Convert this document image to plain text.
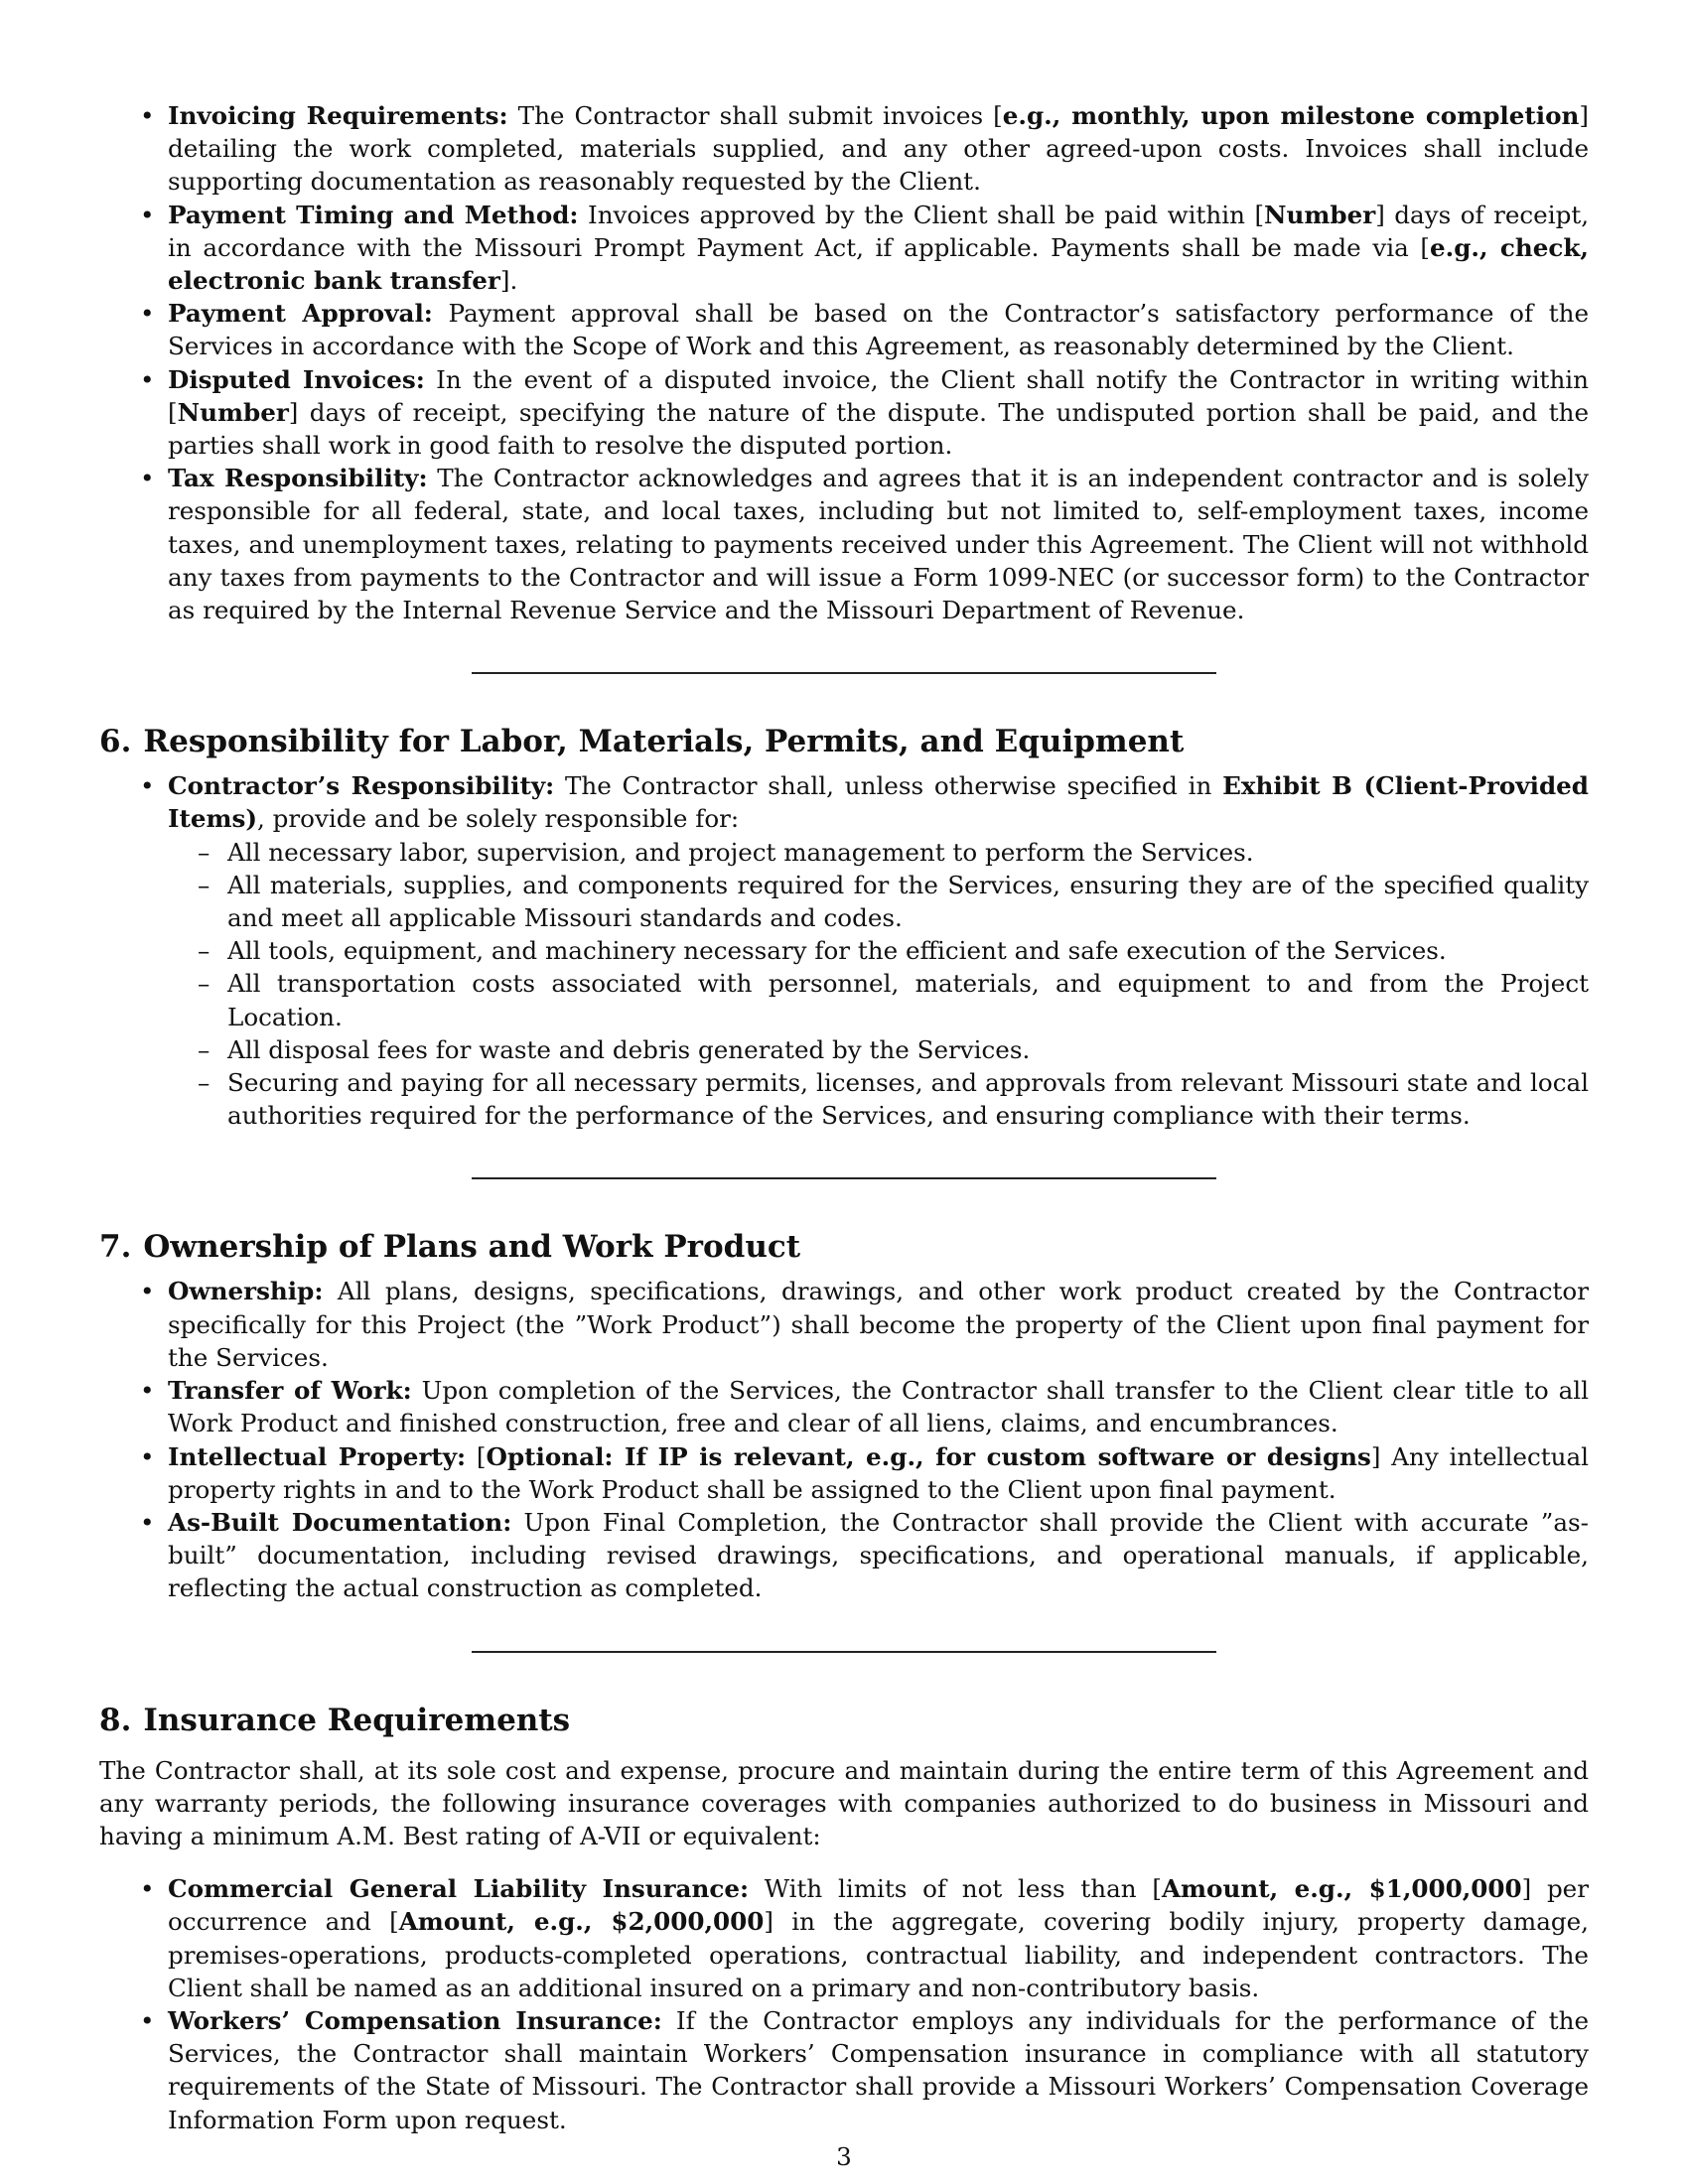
• Invoicing Requirements: The Contractor shall submit invoices [e.g., monthly, upon milestone completion] detailing the work completed, materials supplied, and any other agreed-upon costs. Invoices shall include supporting documentation as reasonably requested by the Client.
• Payment Timing and Method: Invoices approved by the Client shall be paid within [Number] days of receipt, in accordance with the Missouri Prompt Payment Act, if applicable. Payments shall be made via [e.g., check, electronic bank transfer].
• Payment Approval: Payment approval shall be based on the Contractor’s satisfactory performance of the Services in accordance with the Scope of Work and this Agreement, as reasonably determined by the Client.
• Disputed Invoices: In the event of a disputed invoice, the Client shall notify the Contractor in writing within [Number] days of receipt, specifying the nature of the dispute. The undisputed portion shall be paid, and the parties shall work in good faith to resolve the disputed portion.
• Tax Responsibility: The Contractor acknowledges and agrees that it is an independent contractor and is solely responsible for all federal, state, and local taxes, including but not limited to, self-employment taxes, income taxes, and unemployment taxes, relating to payments received under this Agreement. The Client will not withhold any taxes from payments to the Contractor and will issue a Form 1099-NEC (or successor form) to the Contractor as required by the Internal Revenue Service and the Missouri Department of Revenue.
6. Responsibility for Labor, Materials, Permits, and Equipment
• Contractor’s Responsibility: The Contractor shall, unless otherwise specified in Exhibit B (Client-Provided Items), provide and be solely responsible for:
– All necessary labor, supervision, and project management to perform the Services.
– All materials, supplies, and components required for the Services, ensuring they are of the specified quality and meet all applicable Missouri standards and codes.
– All tools, equipment, and machinery necessary for the efficient and safe execution of the Services.
– All transportation costs associated with personnel, materials, and equipment to and from the Project Location.
– All disposal fees for waste and debris generated by the Services.
– Securing and paying for all necessary permits, licenses, and approvals from relevant Missouri state and local authorities required for the performance of the Services, and ensuring compliance with their terms.
7. Ownership of Plans and Work Product
• Ownership: All plans, designs, specifications, drawings, and other work product created by the Contractor specifically for this Project (the ”Work Product”) shall become the property of the Client upon final payment for the Services.
• Transfer of Work: Upon completion of the Services, the Contractor shall transfer to the Client clear title to all Work Product and finished construction, free and clear of all liens, claims, and encumbrances.
• Intellectual Property: [Optional: If IP is relevant, e.g., for custom software or designs] Any intellectual property rights in and to the Work Product shall be assigned to the Client upon final payment.
• As-Built Documentation: Upon Final Completion, the Contractor shall provide the Client with accurate ”as-built” documentation, including revised drawings, specifications, and operational manuals, if applicable, reflecting the actual construction as completed.
8. Insurance Requirements

The Contractor shall, at its sole cost and expense, procure and maintain during the entire term of this Agreement and any warranty periods, the following insurance coverages with companies authorized to do business in Missouri and having a minimum A.M. Best rating of A-VII or equivalent:

• Commercial General Liability Insurance: With limits of not less than [Amount, e.g., $1,000,000] per occurrence and [Amount, e.g., $2,000,000] in the aggregate, covering bodily injury, property damage, premises-operations, products-completed operations, contractual liability, and independent contractors. The Client shall be named as an additional insured on a primary and non-contributory basis.
• Workers’ Compensation Insurance: If the Contractor employs any individuals for the performance of the Services, the Contractor shall maintain Workers’ Compensation insurance in compliance with all statutory requirements of the State of Missouri. The Contractor shall provide a Missouri Workers’ Compensation Coverage Information Form upon request.
3
